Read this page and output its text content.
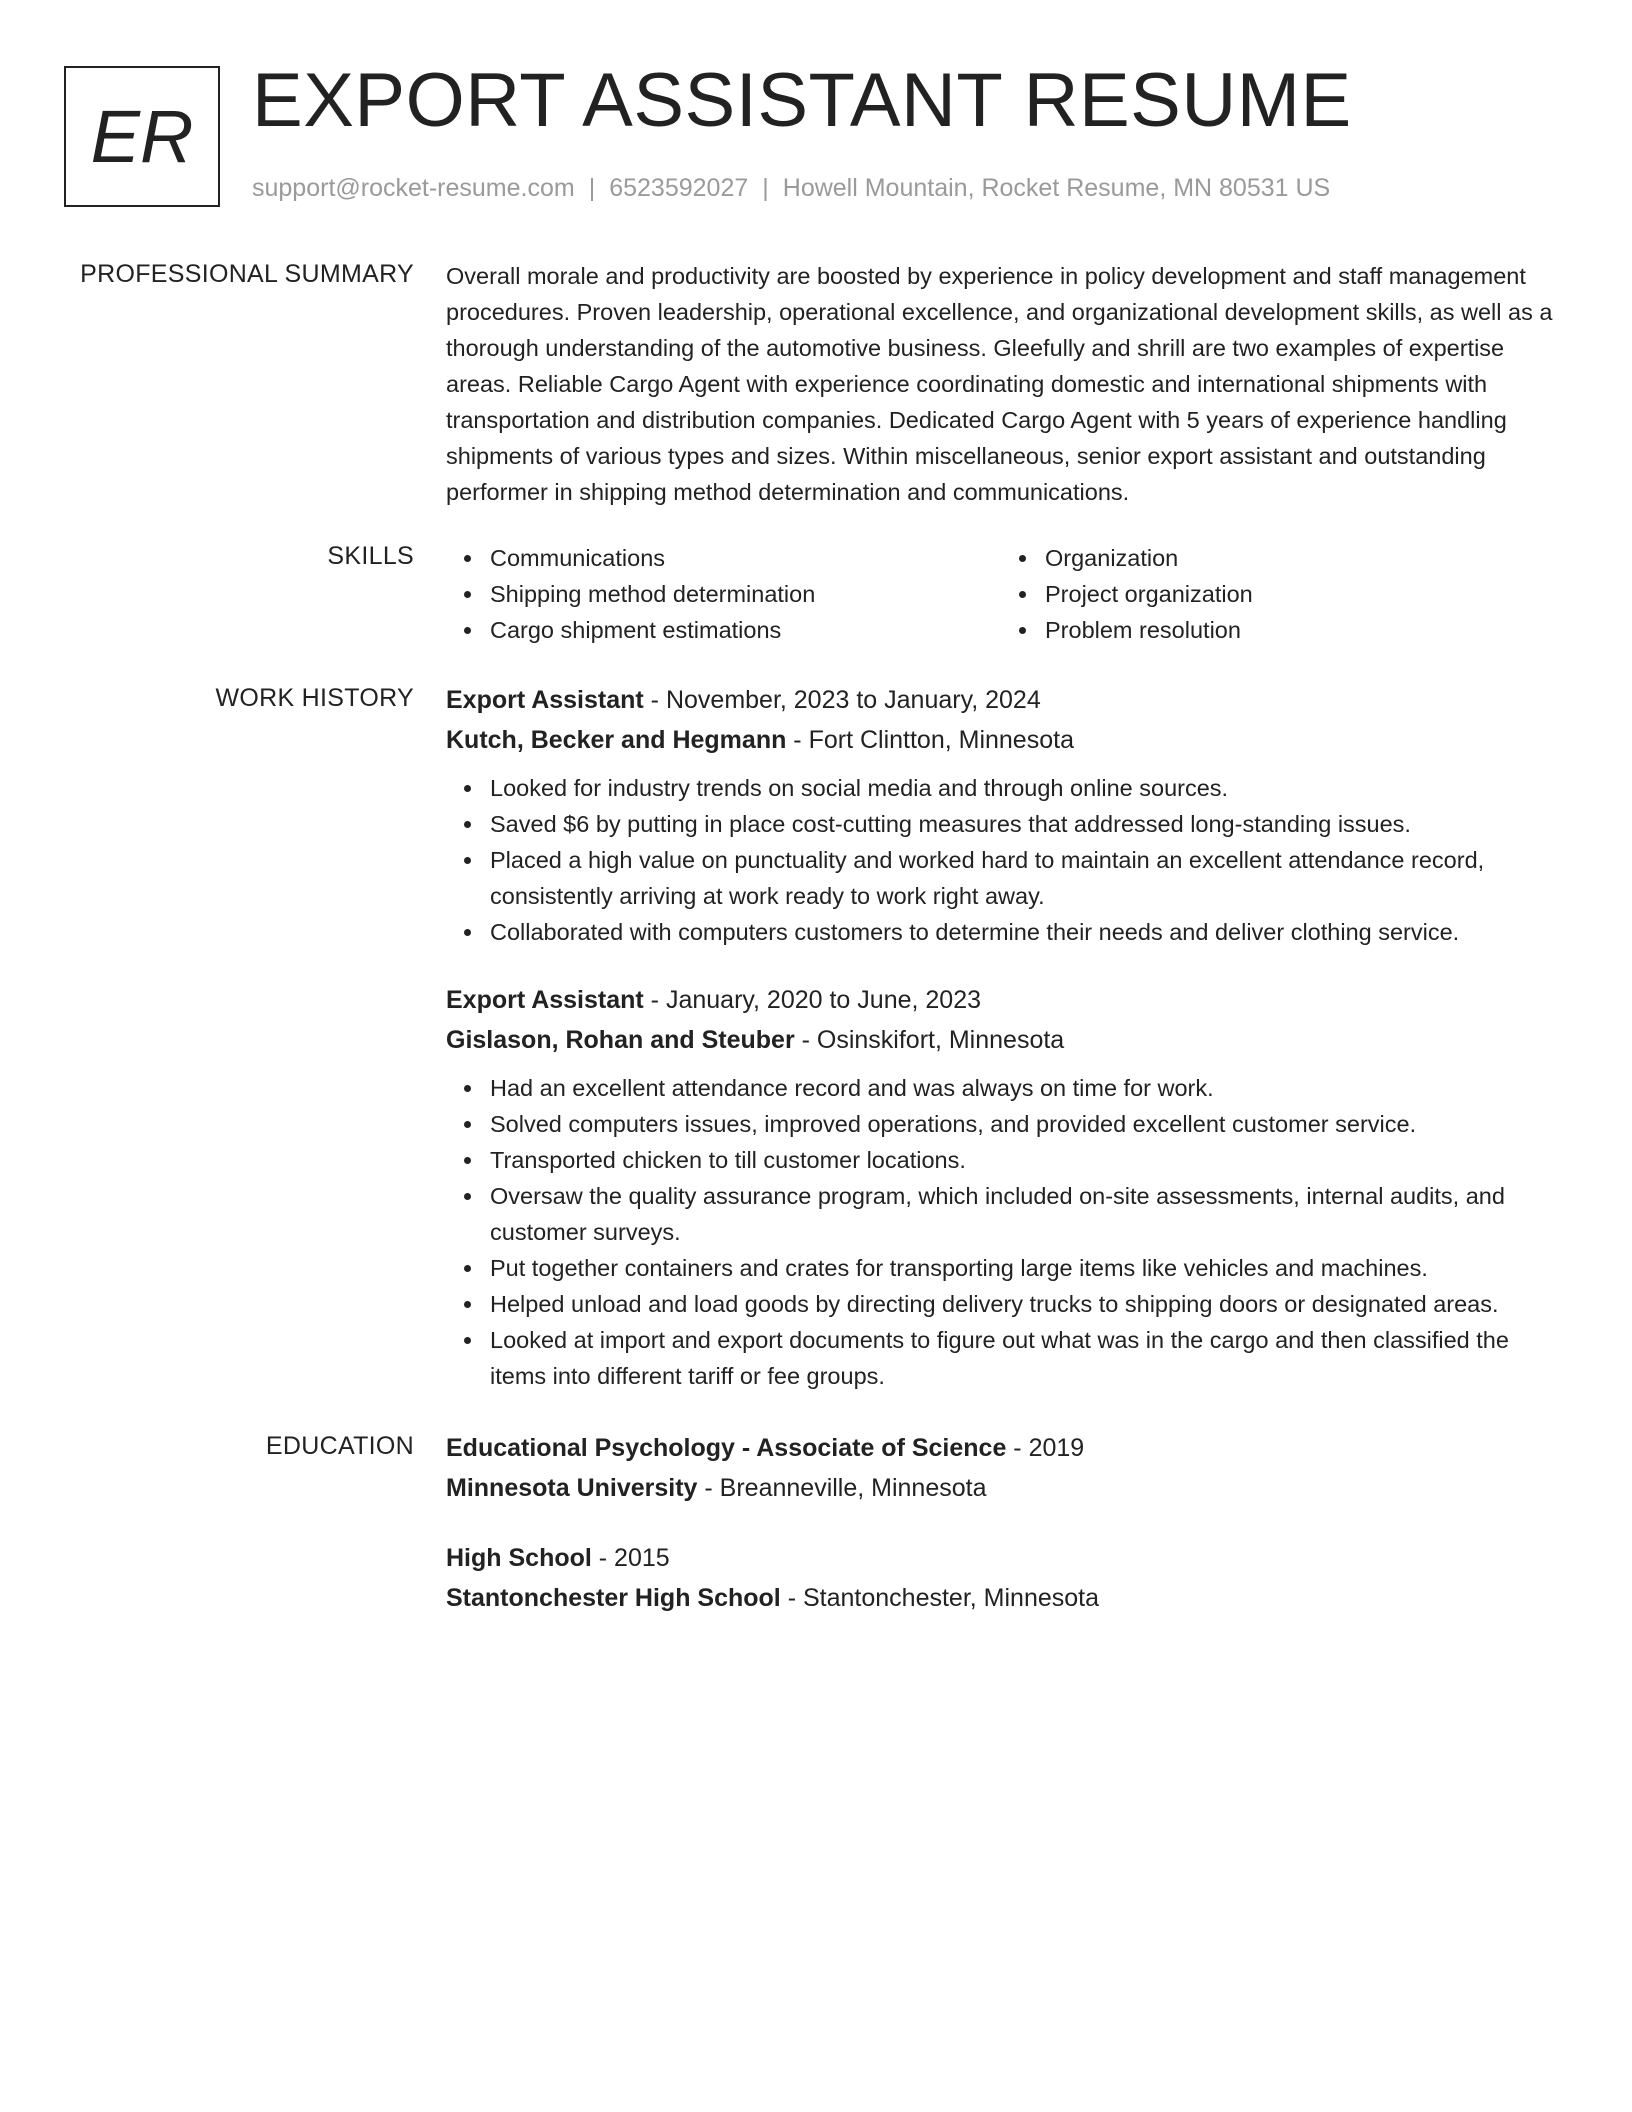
ER EXPORT ASSISTANT RESUME
support@rocket-resume.com | 6523592027 | Howell Mountain, Rocket Resume, MN 80531 US
PROFESSIONAL SUMMARY Overall morale and productivity are boosted by experience in policy development and staff management procedures. Proven leadership, operational excellence, and organizational development skills, as well as a thorough understanding of the automotive business. Gleefully and shrill are two examples of expertise areas. Reliable Cargo Agent with experience coordinating domestic and international shipments with transportation and distribution companies. Dedicated Cargo Agent with 5 years of experience handling shipments of various types and sizes. Within miscellaneous, senior export assistant and outstanding performer in shipping method determination and communications.

SKILLS	Communications
Shipping method determination
Cargo shipment estimations
Organization
Project organization
Problem resolution
WORK HISTORY Export Assistant - November, 2023 to January, 2024
Kutch, Becker and Hegmann - Fort Clintton, Minnesota
Looked for industry trends on social media and through online sources.
Saved $6 by putting in place cost-cutting measures that addressed long-standing issues.
Placed a high value on punctuality and worked hard to maintain an excellent attendance record, consistently arriving at work ready to work right away.
Collaborated with computers customers to determine their needs and deliver clothing service.
Export Assistant - January, 2020 to June, 2023
Gislason, Rohan and Steuber - Osinskifort, Minnesota
Had an excellent attendance record and was always on time for work.
Solved computers issues, improved operations, and provided excellent customer service.
Transported chicken to till customer locations.
Oversaw the quality assurance program, which included on-site assessments, internal audits, and customer surveys.
Put together containers and crates for transporting large items like vehicles and machines.
Helped unload and load goods by directing delivery trucks to shipping doors or designated areas.
Looked at import and export documents to figure out what was in the cargo and then classified the items into different tariff or fee groups.
EDUCATION Educational Psychology - Associate of Science - 2019
Minnesota University - Breanneville, Minnesota
High School - 2015
Stantonchester High School - Stantonchester, Minnesota
